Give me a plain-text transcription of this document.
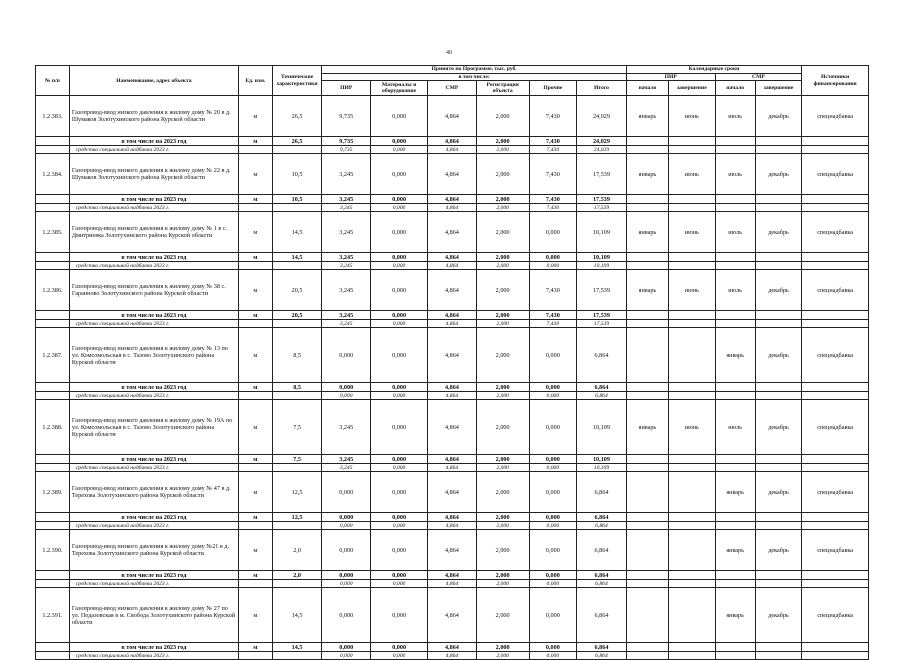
40
№ п/п	Наименование, адрес объекта	Ед. изм.	Технические характеристики	Принято по Программе, тыс. руб.						Календарные сроки				Источники финансирования
				в том числе:						ПИР		СМР		
				ПИР	Материалы и оборудование	СМР	Регистрация объекта	Прочие	Итого	начало	завершение	начало	завершение	
1.2.383.	Газопровод-ввод низкого давления к жилому дому № 20 в д. Шумаков Золотухинского района Курской области	м	26,5	9,735	0,000	4,864	2,000	7,430	24,029	январь	июнь	июль	декабрь	спецнадбавка
	в том числе на 2023 год	м	26,5	9,735	0,000	4,864	2,000	7,430	24,029					
	средства специальной надбавки 2023 г.			9,735	0,000	4,864	2,000	7,430	24,029					
1.2.384.	Газопровод-ввод низкого давления к жилому дому № 22 в д. Шумаков Золотухинского района Курской области	м	10,5	3,245	0,000	4,864	2,000	7,430	17,539	январь	июнь	июль	декабрь	спецнадбавка
	в том числе на 2023 год	м	10,5	3,245	0,000	4,864	2,000	7,430	17,539					
	средства специальной надбавки 2023 г.			3,245	0,000	4,864	2,000	7,430	17,539					
1.2.385.	Газопровод-ввод низкого давления к жилому дому № 1 в с. Дмитриевка Золотухинского района Курской области	м	14,5	3,245	0,000	4,864	2,000	0,000	10,109	январь	июнь	июль	декабрь	спецнадбавка
	в том числе на 2023 год	м	14,5	3,245	0,000	4,864	2,000	0,000	10,109					
	средства специальной надбавки 2023 г.			3,245	0,000	4,864	2,000	0,000	10,109					
1.2.386.	Газопровод-ввод низкого давления к жилому дому № 38 с. Гаранново Золотухинского района Курской области	м	20,5	3,245	0,000	4,864	2,000	7,430	17,539	январь	июнь	июль	декабрь	спецнадбавка
	в том числе на 2023 год	м	20,5	3,245	0,000	4,864	2,000	7,430	17,539					
	средства специальной надбавки 2023 г.			3,245	0,000	4,864	2,000	7,430	17,539					
1.2.387.	Газопровод-ввод низкого давления к жилому дому № 13 по ул. Комсомольская в с. Тазово Золотухинского района Курской области	м	8,5	0,000	0,000	4,864	2,000	0,000	6,864			январь	декабрь	спецнадбавка
	в том числе на 2023 год	м	8,5	0,000	0,000	4,864	2,000	0,000	6,864					
	средства специальной надбавки 2023 г.			0,000	0,000	4,864	2,000	0,000	6,864					
1.2.388.	Газопровод-ввод низкого давления к жилому дому № 19А по ул. Комсомольская в с. Тазово Золотухинского района Курской области	м	7,5	3,245	0,000	4,864	2,000	0,000	10,109	январь	июнь	июль	декабрь	спецнадбавка
	в том числе на 2023 год	м	7,5	3,245	0,000	4,864	2,000	0,000	10,109					
	средства специальной надбавки 2023 г.			3,245	0,000	4,864	2,000	0,000	10,109					
1.2.389.	Газопровод-ввод низкого давления к жилому дому № 47 в д. Терехова Золотухинского района Курской области	м	12,5	0,000	0,000	4,864	2,000	0,000	6,864			январь	декабрь	спецнадбавка
	в том числе на 2023 год	м	12,5	0,000	0,000	4,864	2,000	0,000	6,864					
	средства специальной надбавки 2023 г.			0,000	0,000	4,864	2,000	0,000	6,864					
1.2.390.	Газопровод-ввод низкого давления к жилому дому №21 в д. Терехова Золотухинского района Курской области	м	2,0	0,000	0,000	4,864	2,000	0,000	6,864			январь	декабрь	спецнадбавка
	в том числе на 2023 год	м	2,0	0,000	0,000	4,864	2,000	0,000	6,864					
	средства специальной надбавки 2023 г.			0,000	0,000	4,864	2,000	0,000	6,864					
1.2.391.	Газопровод-ввод низкого давления к жилому дому № 27 по ул. Подазовская в м. Свобода Золотухинского района Курской области	м	14,5	0,000	0,000	4,864	2,000	0,000	6,864			январь	декабрь	спецнадбавка
	в том числе на 2023 год	м	14,5	0,000	0,000	4,864	2,000	0,000	6,864					
	средства специальной надбавки 2023 г.			0,000	0,000	4,864	2,000	0,000	6,864					
